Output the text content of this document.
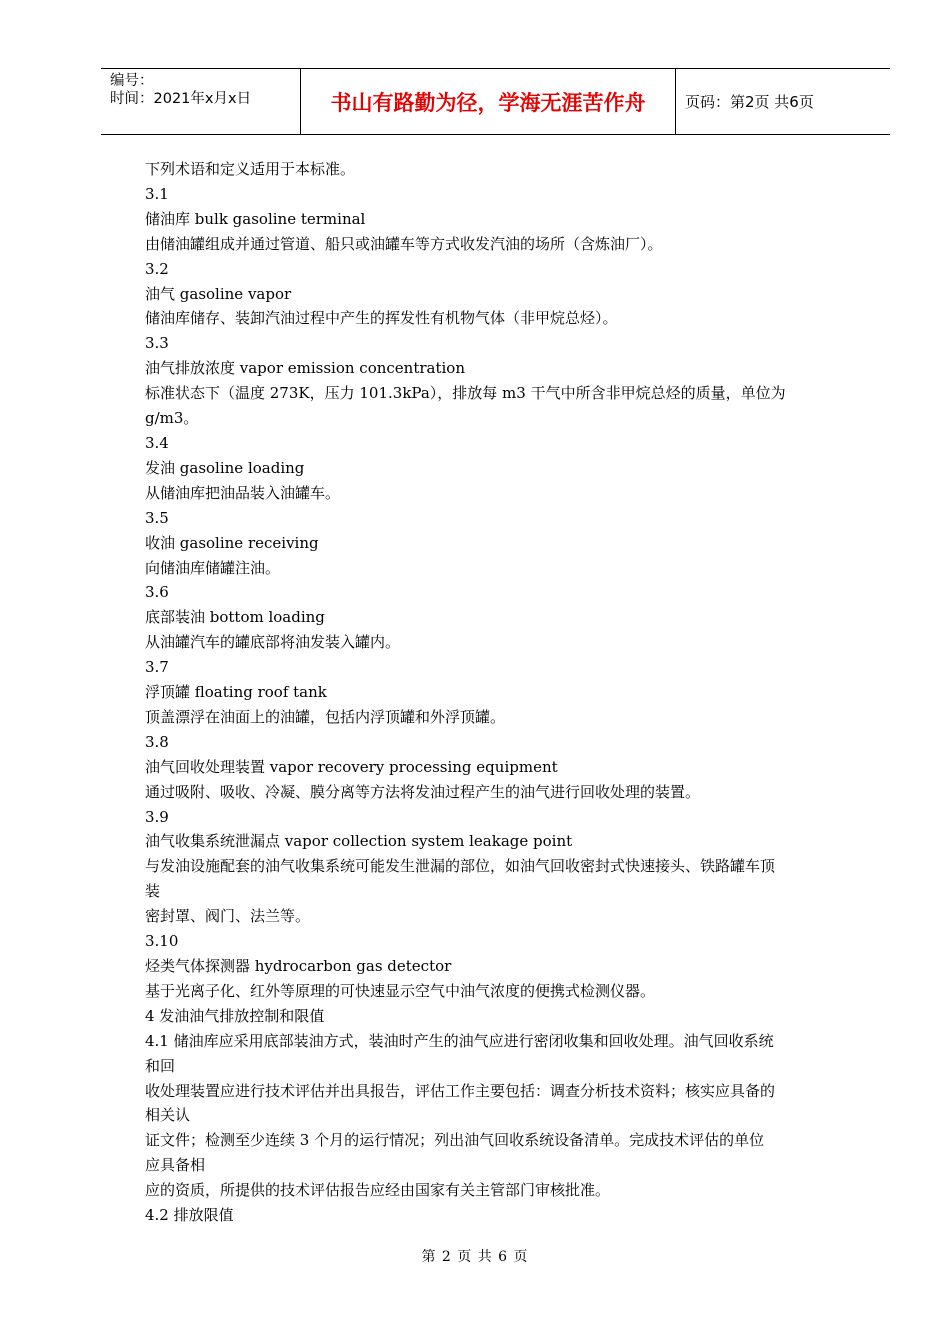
编号：
时间：2021年x月x日	书山有路勤为径，学海无涯苦作舟	页码：第2页 共6页

下列术语和定义适用于本标准。

3.1

储油库 bulk gasoline terminal

由储油罐组成并通过管道、船只或油罐车等方式收发汽油的场所（含炼油厂）。

3.2

油气 gasoline vapor

储油库储存、装卸汽油过程中产生的挥发性有机物气体（非甲烷总烃）。

3.3

油气排放浓度 vapor emission concentration

标准状态下（温度 273K，压力 101.3kPa），排放每 m3 干气中所含非甲烷总烃的质量，单位为

g/m3。

3.4

发油 gasoline loading

从储油库把油品装入油罐车。

3.5

收油 gasoline receiving

向储油库储罐注油。

3.6

底部装油 bottom loading

从油罐汽车的罐底部将油发装入罐内。

3.7

浮顶罐 floating roof tank

顶盖漂浮在油面上的油罐，包括内浮顶罐和外浮顶罐。

3.8

油气回收处理装置 vapor recovery processing equipment

通过吸附、吸收、冷凝、膜分离等方法将发油过程产生的油气进行回收处理的装置。

3.9

油气收集系统泄漏点 vapor collection system leakage point

与发油设施配套的油气收集系统可能发生泄漏的部位，如油气回收密封式快速接头、铁路罐车顶

装

密封罩、阀门、法兰等。

3.10

烃类气体探测器 hydrocarbon gas detector

基于光离子化、红外等原理的可快速显示空气中油气浓度的便携式检测仪器。

4 发油油气排放控制和限值

4.1 储油库应采用底部装油方式，装油时产生的油气应进行密闭收集和回收处理。油气回收系统

和回

收处理装置应进行技术评估并出具报告，评估工作主要包括：调查分析技术资料；核实应具备的

相关认

证文件；检测至少连续 3 个月的运行情况；列出油气回收系统设备清单。完成技术评估的单位

应具备相

应的资质，所提供的技术评估报告应经由国家有关主管部门审核批准。

4.2 排放限值

第 2 页 共 6 页
